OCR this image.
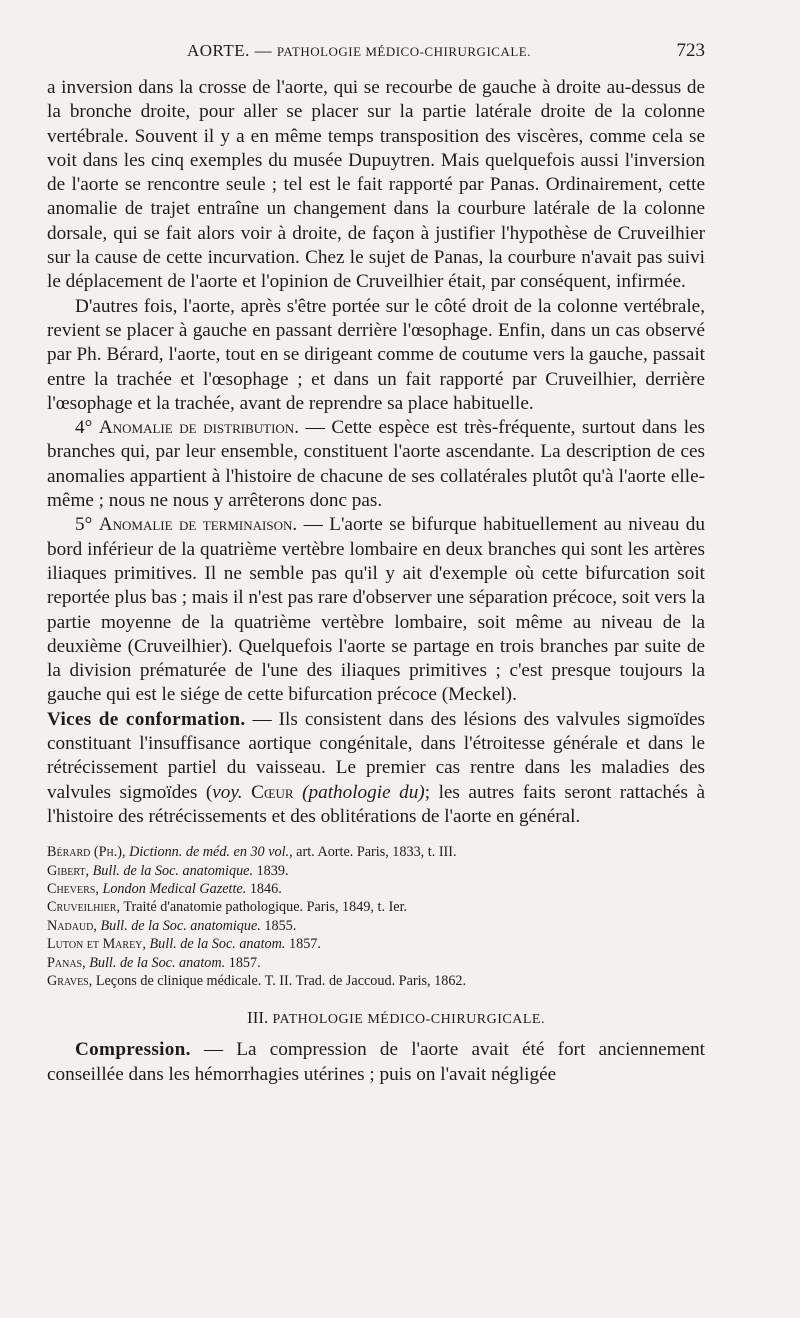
AORTE. — PATHOLOGIE MÉDICO-CHIRURGICALE.	723

a inversion dans la crosse de l'aorte, qui se recourbe de gauche à droite au-dessus de la bronche droite, pour aller se placer sur la partie latérale droite de la colonne vertébrale. Souvent il y a en même temps transposition des viscères, comme cela se voit dans les cinq exemples du musée Dupuytren. Mais quelquefois aussi l'inversion de l'aorte se rencontre seule ; tel est le fait rapporté par Panas. Ordinairement, cette anomalie de trajet entraîne un changement dans la courbure latérale de la colonne dorsale, qui se fait alors voir à droite, de façon à justifier l'hypothèse de Cruveilhier sur la cause de cette incurvation. Chez le sujet de Panas, la courbure n'avait pas suivi le déplacement de l'aorte et l'opinion de Cruveilhier était, par conséquent, infirmée.

D'autres fois, l'aorte, après s'être portée sur le côté droit de la colonne vertébrale, revient se placer à gauche en passant derrière l'œsophage. Enfin, dans un cas observé par Ph. Bérard, l'aorte, tout en se dirigeant comme de coutume vers la gauche, passait entre la trachée et l'œsophage ; et dans un fait rapporté par Cruveilhier, derrière l'œsophage et la trachée, avant de reprendre sa place habituelle.

4° Anomalie de distribution. — Cette espèce est très-fréquente, surtout dans les branches qui, par leur ensemble, constituent l'aorte ascendante. La description de ces anomalies appartient à l'histoire de chacune de ses collatérales plutôt qu'à l'aorte elle-même ; nous ne nous y arrêterons donc pas.

5° Anomalie de terminaison. — L'aorte se bifurque habituellement au niveau du bord inférieur de la quatrième vertèbre lombaire en deux branches qui sont les artères iliaques primitives. Il ne semble pas qu'il y ait d'exemple où cette bifurcation soit reportée plus bas ; mais il n'est pas rare d'observer une séparation précoce, soit vers la partie moyenne de la quatrième vertèbre lombaire, soit même au niveau de la deuxième (Cruveilhier). Quelquefois l'aorte se partage en trois branches par suite de la division prématurée de l'une des iliaques primitives ; c'est presque toujours la gauche qui est le siége de cette bifurcation précoce (Meckel).

Vices de conformation. — Ils consistent dans des lésions des valvules sigmoïdes constituant l'insuffisance aortique congénitale, dans l'étroitesse générale et dans le rétrécissement partiel du vaisseau. Le premier cas rentre dans les maladies des valvules sigmoïdes (voy. Cœur (pathologie du); les autres faits seront rattachés à l'histoire des rétrécissements et des oblitérations de l'aorte en général.

Bérard (Ph.), Dictionn. de méd. en 30 vol., art. Aorte. Paris, 1833, t. III.

Gibert, Bull. de la Soc. anatomique. 1839.

Chevers, London Medical Gazette. 1846.

Cruveilhier, Traité d'anatomie pathologique. Paris, 1849, t. Ier.

Nadaud, Bull. de la Soc. anatomique. 1855.

Luton et Marey, Bull. de la Soc. anatom. 1857.

Panas, Bull. de la Soc. anatom. 1857.

Graves, Leçons de clinique médicale. T. II. Trad. de Jaccoud. Paris, 1862.

III. PATHOLOGIE MÉDICO-CHIRURGICALE.

Compression. — La compression de l'aorte avait été fort anciennement conseillée dans les hémorrhagies utérines ; puis on l'avait négligée
